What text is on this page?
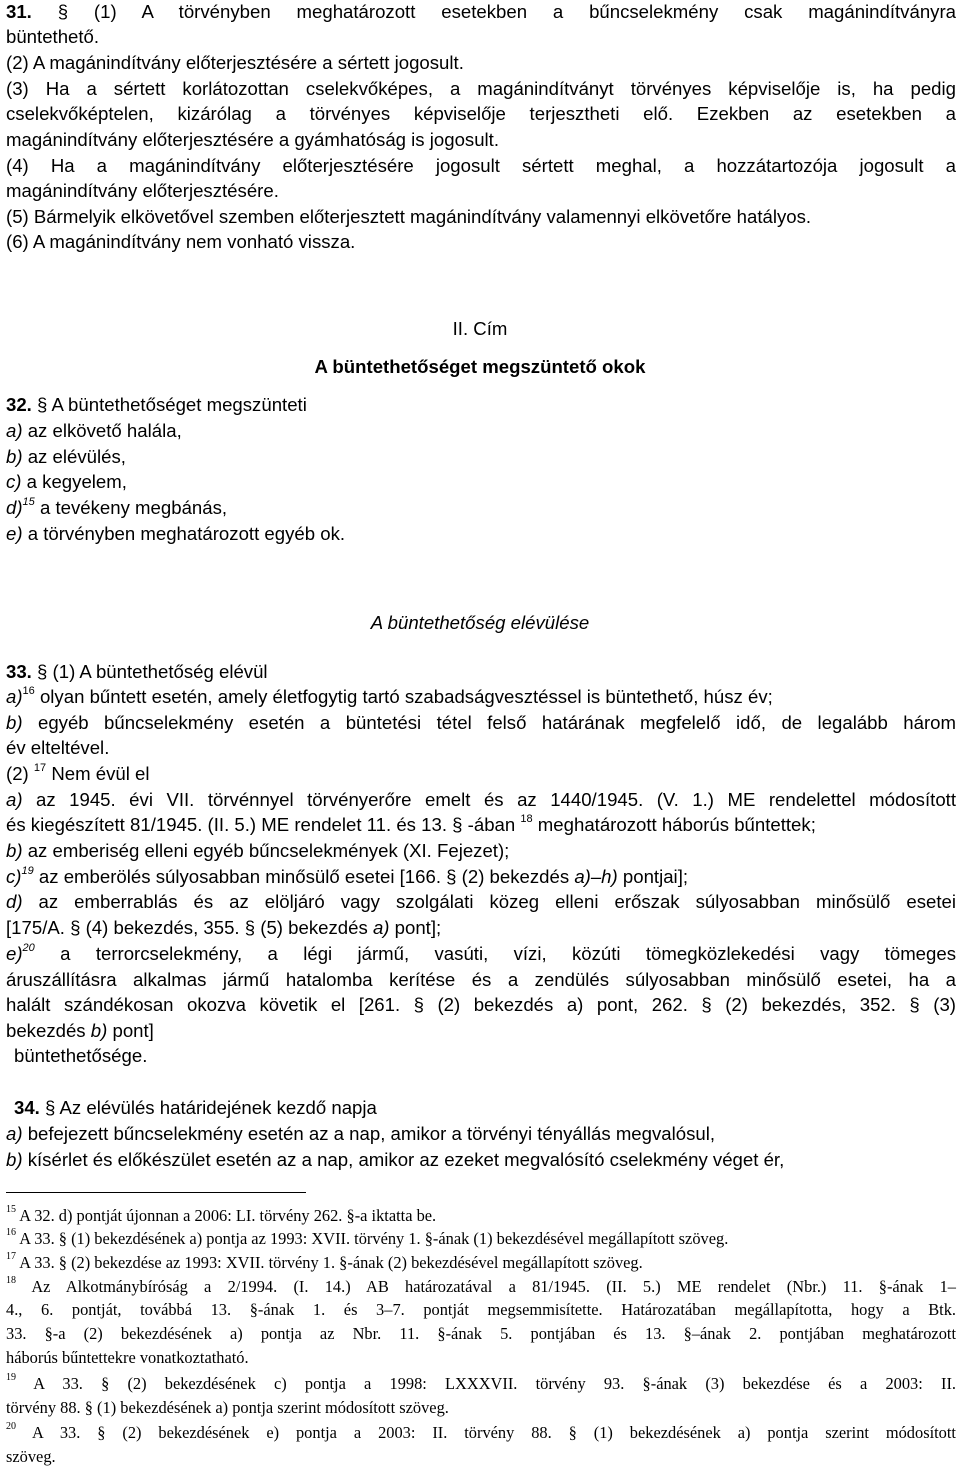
31. § (1) A törvényben meghatározott esetekben a bűncselekmény csak magánindítványra
büntethető.
(2) A magánindítvány előterjesztésére a sértett jogosult.
(3) Ha a sértett korlátozottan cselekvőképes, a magánindítványt törvényes képviselője is, ha pedig
cselekvőképtelen, kizárólag a törvényes képviselője terjesztheti elő. Ezekben az esetekben a
magánindítvány előterjesztésére a gyámhatóság is jogosult.
(4) Ha a magánindítvány előterjesztésére jogosult sértett meghal, a hozzátartozója jogosult a
magánindítvány előterjesztésére.
(5) Bármelyik elkövetővel szemben előterjesztett magánindítvány valamennyi elkövetőre hatályos.
(6) A magánindítvány nem vonható vissza.
II. Cím
A büntethetőséget megszüntető okok
32. § A büntethetőséget megszünteti
a) az elkövető halála,
b) az elévülés,
c) a kegyelem,
d)$^{15}$ a tevékeny megbánás,
e) a törvényben meghatározott egyéb ok.
A büntethetőség elévülése
33. § (1) A büntethetőség elévül
a)$^{16}$ olyan bűntett esetén, amely életfogytig tartó szabadságvesztéssel is büntethető, húsz év;
b) egyéb bűncselekmény esetén a büntetési tétel felső határának megfelelő idő, de legalább három
év elteltével.
(2) $^{17}$ Nem évül el
a) az 1945. évi VII. törvénnyel törvényerőre emelt és az 1440/1945. (V. 1.) ME rendelettel módosított
és kiegészített 81/1945. (II. 5.) ME rendelet 11. és 13. § -ában $^{18}$ meghatározott háborús bűntettek;
b) az emberiség elleni egyéb bűncselekmények (XI. Fejezet);
c)$^{19}$ az emberölés súlyosabban minősülő esetei [166. § (2) bekezdés a)–h) pontjai];
d) az emberrablás és az elöljáró vagy szolgálati közeg elleni erőszak súlyosabban minősülő esetei
[175/A. § (4) bekezdés, 355. § (5) bekezdés a) pont];
e)$^{20}$ a terrorcselekmény, a légi jármű, vasúti, vízi, közúti tömegközlekedési vagy tömeges
áruszállításra alkalmas jármű hatalomba kerítése és a zendülés súlyosabban minősülő esetei, ha a
halált szándékosan okozva követik el [261. § (2) bekezdés a) pont, 262. § (2) bekezdés, 352. § (3)
bekezdés b) pont]
büntethetősége.
34. § Az elévülés határidejének kezdő napja
a) befejezett bűncselekmény esetén az a nap, amikor a törvényi tényállás megvalósul,
b) kísérlet és előkészület esetén az a nap, amikor az ezeket megvalósító cselekmény véget ér,
$^{15}$ A 32. d) pontját újonnan a 2006: LI. törvény 262. §-a iktatta be.
$^{16}$ A 33. § (1) bekezdésének a) pontja az 1993: XVII. törvény 1. §-ának (1) bekezdésével megállapított szöveg.
$^{17}$ A 33. § (2) bekezdése az 1993: XVII. törvény 1. §-ának (2) bekezdésével megállapított szöveg.
$^{18}$ Az Alkotmánybíróság a 2/1994. (I. 14.) AB határozatával a 81/1945. (II. 5.) ME rendelet (Nbr.) 11. §-ának 1–
4., 6. pontját, továbbá 13. §-ának 1. és 3–7. pontját megsemmisítette. Határozatában megállapította, hogy a Btk.
33. §-a (2) bekezdésének a) pontja az Nbr. 11. §-ának 5. pontjában és 13. §–ának 2. pontjában meghatározott
háborús bűntettekre vonatkoztatható.
$^{19}$ A 33. § (2) bekezdésének c) pontja a 1998: LXXXVII. törvény 93. §-ának (3) bekezdése és a 2003: II.
törvény 88. § (1) bekezdésének a) pontja szerint módosított szöveg.
$^{20}$ A 33. § (2) bekezdésének e) pontja a 2003: II. törvény 88. § (1) bekezdésének a) pontja szerint módosított
szöveg.
